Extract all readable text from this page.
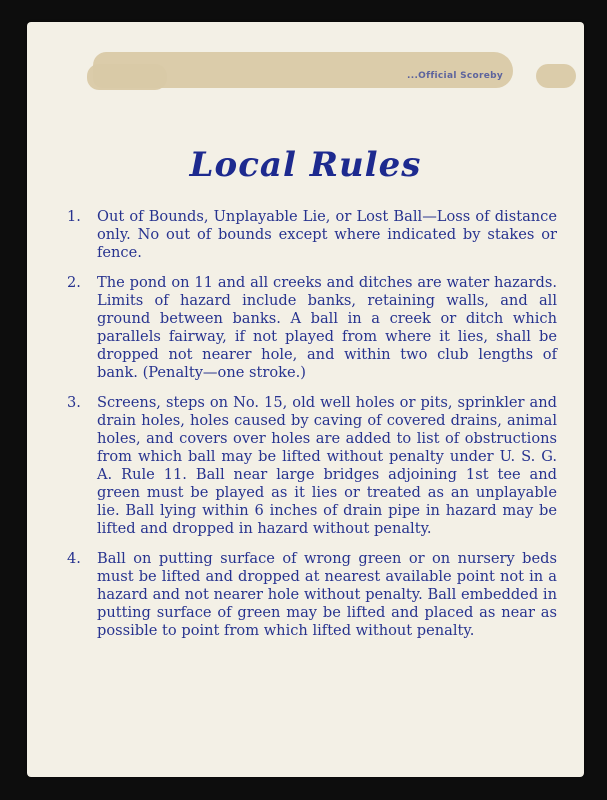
...Official Scoreby
Local Rules
1. Out of Bounds, Unplayable Lie, or Lost Ball—Loss of distance only. No out of bounds except where indicated by stakes or fence.
2. The pond on 11 and all creeks and ditches are water hazards. Limits of hazard include banks, retaining walls, and all ground between banks. A ball in a creek or ditch which parallels fairway, if not played from where it lies, shall be dropped not nearer hole, and within two club lengths of bank. (Penalty—one stroke.)
3. Screens, steps on No. 15, old well holes or pits, sprinkler and drain holes, holes caused by caving of covered drains, animal holes, and covers over holes are added to list of obstructions from which ball may be lifted without penalty under U. S. G. A. Rule 11. Ball near large bridges adjoining 1st tee and green must be played as it lies or treated as an unplayable lie. Ball lying within 6 inches of drain pipe in hazard may be lifted and dropped in hazard without penalty.
4. Ball on putting surface of wrong green or on nursery beds must be lifted and dropped at nearest available point not in a hazard and not nearer hole without penalty. Ball embedded in putting surface of green may be lifted and placed as near as possible to point from which lifted without penalty.
